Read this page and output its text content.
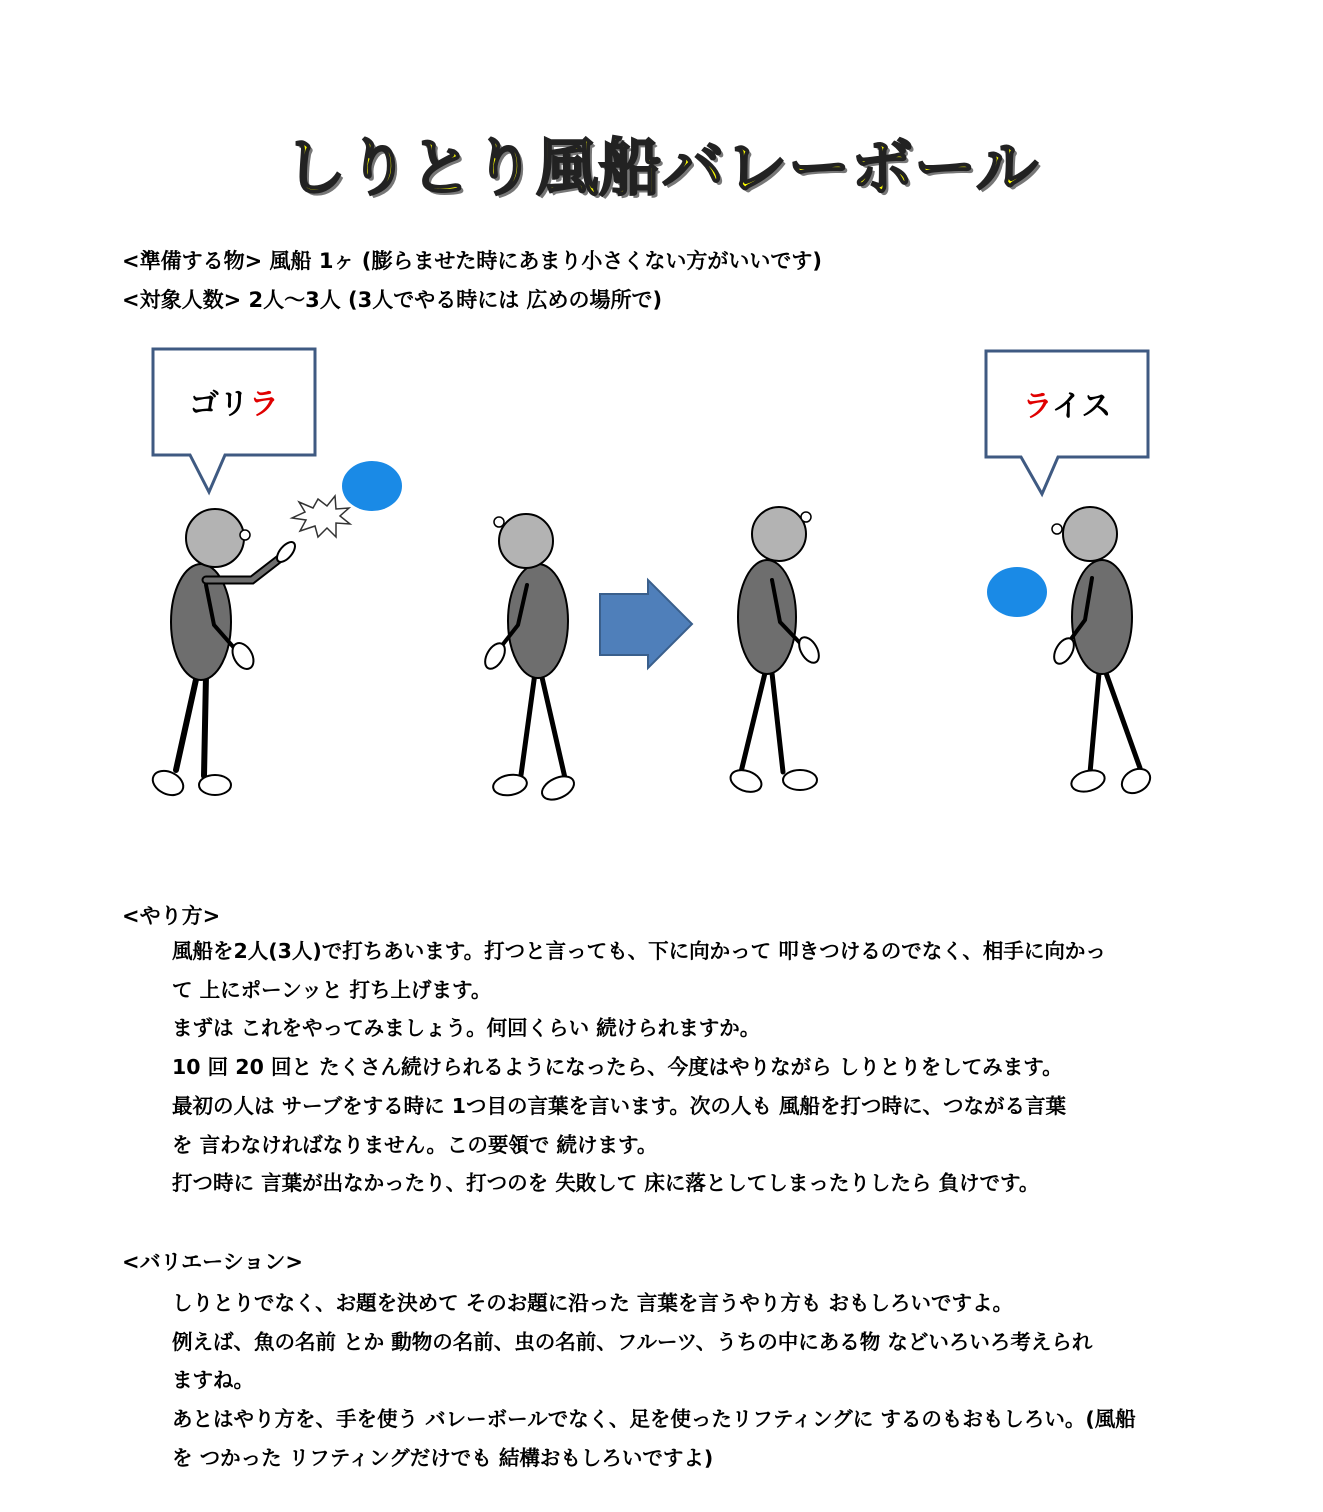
しりとり風船バレーボール
<準備する物> 風船 1ヶ (膨らませた時にあまり小さくない方がいいです)
<対象人数> 2人〜3人 (3人でやる時には 広めの場所で)
ゴリラ	ライス
<やり方>

風船を2人(3人)で打ちあいます。打つと言っても、下に向かって 叩きつけるのでなく、相手に向かっ

て 上にポーンッと 打ち上げます。

まずは これをやってみましょう。何回くらい 続けられますか。

10 回 20 回と たくさん続けられるようになったら、今度はやりながら しりとりをしてみます。

最初の人は サーブをする時に 1つ目の言葉を言います。次の人も 風船を打つ時に、つながる言葉

を 言わなければなりません。この要領で 続けます。

打つ時に 言葉が出なかったり、打つのを 失敗して 床に落としてしまったりしたら 負けです。

<バリエーション>

しりとりでなく、お題を決めて そのお題に沿った 言葉を言うやり方も おもしろいですよ。

例えば、魚の名前 とか 動物の名前、虫の名前、フルーツ、うちの中にある物 などいろいろ考えられ

ますね。

あとはやり方を、手を使う バレーボールでなく、足を使ったリフティングに するのもおもしろい。(風船

を つかった リフティングだけでも 結構おもしろいですよ)
